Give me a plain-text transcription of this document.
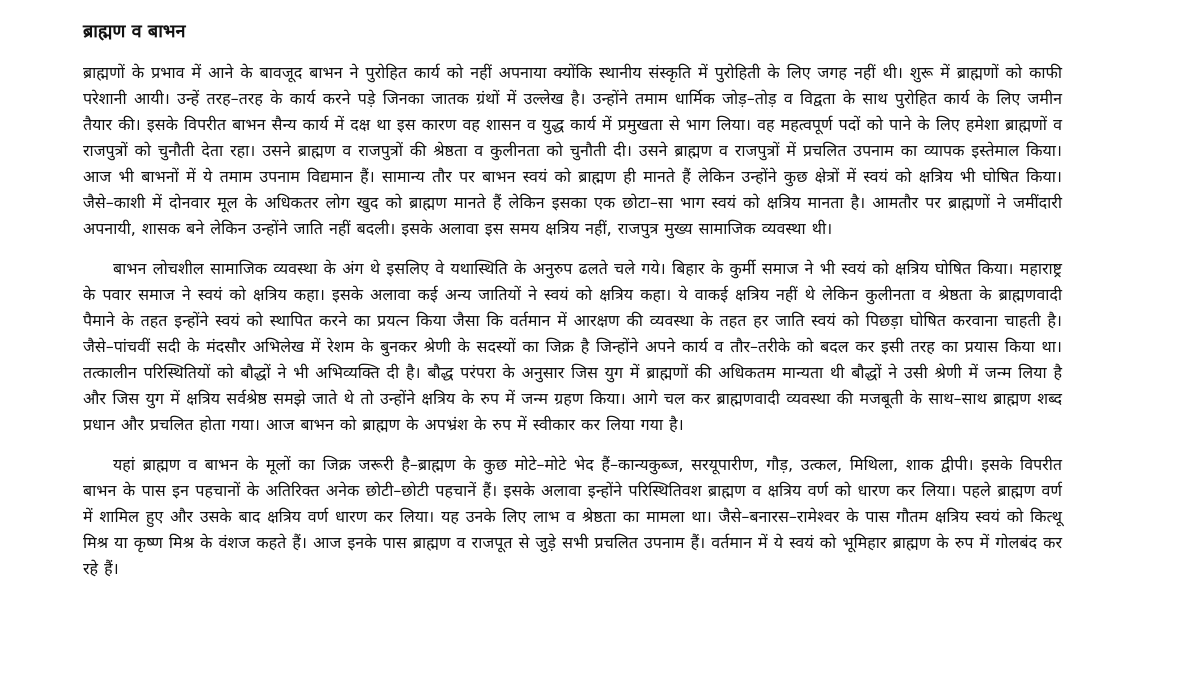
ब्राह्मण व बाभन

ब्राह्मणों के प्रभाव में आने के बावजूद बाभन ने पुरोहित कार्य को नहीं अपनाया क्योंकि स्थानीय संस्कृति में पुरोहिती के लिए जगह नहीं थी। शुरू में ब्राह्मणों को काफी परेशानी आयी। उन्हें तरह–तरह के कार्य करने पड़े जिनका जातक ग्रंथों में उल्लेख है। उन्होंने तमाम धार्मिक जोड़–तोड़ व विद्वता के साथ पुरोहित कार्य के लिए जमीन तैयार की। इसके विपरीत बाभन सैन्य कार्य में दक्ष था इस कारण वह शासन व युद्ध कार्य में प्रमुखता से भाग लिया। वह महत्वपूर्ण पदों को पाने के लिए हमेशा ब्राह्मणों व राजपुत्रों को चुनौती देता रहा। उसने ब्राह्मण व राजपुत्रों की श्रेष्ठता व कुलीनता को चुनौती दी। उसने ब्राह्मण व राजपुत्रों में प्रचलित उपनाम का व्यापक इस्तेमाल किया। आज भी बाभनों में ये तमाम उपनाम विद्यमान हैं। सामान्य तौर पर बाभन स्वयं को ब्राह्मण ही मानते हैं लेकिन उन्होंने कुछ क्षेत्रों में स्वयं को क्षत्रिय भी घोषित किया। जैसे–काशी में दोनवार मूल के अधिकतर लोग खुद को ब्राह्मण मानते हैं लेकिन इसका एक छोटा–सा भाग स्वयं को क्षत्रिय मानता है। आमतौर पर ब्राह्मणों ने जमींदारी अपनायी, शासक बने लेकिन उन्होंने जाति नहीं बदली। इसके अलावा इस समय क्षत्रिय नहीं, राजपुत्र मुख्य सामाजिक व्यवस्था थी।

बाभन लोचशील सामाजिक व्यवस्था के अंग थे इसलिए वे यथास्थिति के अनुरुप ढलते चले गये। बिहार के कुर्मी समाज ने भी स्वयं को क्षत्रिय घोषित किया। महाराष्ट्र के पवार समाज ने स्वयं को क्षत्रिय कहा। इसके अलावा कई अन्य जातियों ने स्वयं को क्षत्रिय कहा। ये वाकई क्षत्रिय नहीं थे लेकिन कुलीनता व श्रेष्ठता के ब्राह्मणवादी पैमाने के तहत इन्होंने स्वयं को स्थापित करने का प्रयत्न किया जैसा कि वर्तमान में आरक्षण की व्यवस्था के तहत हर जाति स्वयं को पिछड़ा घोषित करवाना चाहती है। जैसे–पांचवीं सदी के मंदसौर अभिलेख में रेशम के बुनकर श्रेणी के सदस्यों का जिक्र है जिन्होंने अपने कार्य व तौर–तरीके को बदल कर इसी तरह का प्रयास किया था। तत्कालीन परिस्थितियों को बौद्धों ने भी अभिव्यक्ति दी है। बौद्ध परंपरा के अनुसार जिस युग में ब्राह्मणों की अधिकतम मान्यता थी बौद्धों ने उसी श्रेणी में जन्म लिया है और जिस युग में क्षत्रिय सर्वश्रेष्ठ समझे जाते थे तो उन्होंने क्षत्रिय के रुप में जन्म ग्रहण किया। आगे चल कर ब्राह्मणवादी व्यवस्था की मजबूती के साथ–साथ ब्राह्मण शब्द प्रधान और प्रचलित होता गया। आज बाभन को ब्राह्मण के अपभ्रंश के रुप में स्वीकार कर लिया गया है।

यहां ब्राह्मण व बाभन के मूलों का जिक्र जरूरी है–ब्राह्मण के कुछ मोटे–मोटे भेद हैं–कान्यकुब्ज, सरयूपारीण, गौड़, उत्कल, मिथिला, शाक द्वीपी। इसके विपरीत बाभन के पास इन पहचानों के अतिरिक्त अनेक छोटी–छोटी पहचानें हैं। इसके अलावा इन्होंने परिस्थितिवश ब्राह्मण व क्षत्रिय वर्ण को धारण कर लिया। पहले ब्राह्मण वर्ण में शामिल हुए और उसके बाद क्षत्रिय वर्ण धारण कर लिया। यह उनके लिए लाभ व श्रेष्ठता का मामला था। जैसे–बनारस–रामेश्वर के पास गौतम क्षत्रिय स्वयं को कित्थू मिश्र या कृष्ण मिश्र के वंशज कहते हैं। आज इनके पास ब्राह्मण व राजपूत से जुड़े सभी प्रचलित उपनाम हैं। वर्तमान में ये स्वयं को भूमिहार ब्राह्मण के रुप में गोलबंद कर रहे हैं।
